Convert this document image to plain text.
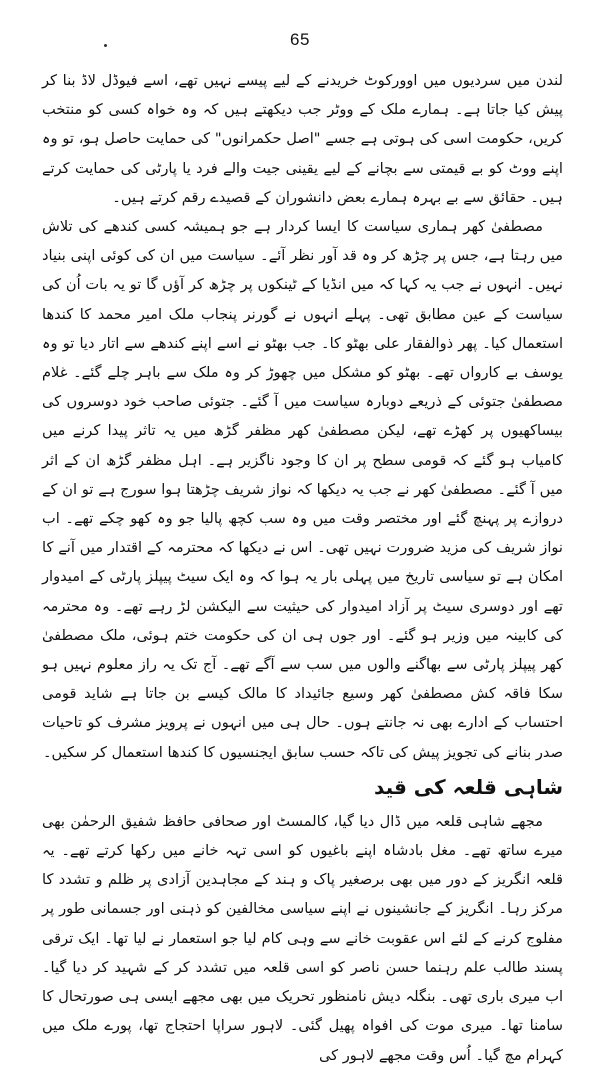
65

لندن میں سردیوں میں اوورکوٹ خریدنے کے لیے پیسے نہیں تھے، اسے فیوڈل لاڈ بنا کر پیش کیا جاتا ہے۔ ہمارے ملک کے ووٹر جب دیکھتے ہیں کہ وہ خواہ کسی کو منتخب کریں، حکومت اسی کی ہوتی ہے جسے "اصل حکمرانوں" کی حمایت حاصل ہو، تو وہ اپنے ووٹ کو بے قیمتی سے بچانے کے لیے یقینی جیت والے فرد یا پارٹی کی حمایت کرتے ہیں۔ حقائق سے بے بہرہ ہمارے بعض دانشوران کے قصیدے رقم کرتے ہیں۔

مصطفیٰ کھر ہماری سیاست کا ایسا کردار ہے جو ہمیشہ کسی کندھے کی تلاش میں رہتا ہے، جس پر چڑھ کر وہ قد آور نظر آئے۔ سیاست میں ان کی کوئی اپنی بنیاد نہیں۔ انہوں نے جب یہ کہا کہ میں انڈیا کے ٹینکوں پر چڑھ کر آؤں گا تو یہ بات اُن کی سیاست کے عین مطابق تھی۔ پہلے انہوں نے گورنر پنجاب ملک امیر محمد کا کندھا استعمال کیا۔ پھر ذوالفقار علی بھٹو کا۔ جب بھٹو نے اسے اپنے کندھے سے اتار دیا تو وہ یوسف بے کارواں تھے۔ بھٹو کو مشکل میں چھوڑ کر وہ ملک سے باہر چلے گئے۔ غلام مصطفیٰ جتوئی کے ذریعے دوبارہ سیاست میں آ گئے۔ جتوئی صاحب خود دوسروں کی بیساکھیوں پر کھڑے تھے، لیکن مصطفیٰ کھر مظفر گڑھ میں یہ تاثر پیدا کرنے میں کامیاب ہو گئے کہ قومی سطح پر ان کا وجود ناگزیر ہے۔ اہل مظفر گڑھ ان کے اثر میں آ گئے۔ مصطفیٰ کھر نے جب یہ دیکھا کہ نواز شریف چڑھتا ہوا سورج ہے تو ان کے دروازے پر پہنچ گئے اور مختصر وقت میں وہ سب کچھ پالیا جو وہ کھو چکے تھے۔ اب نواز شریف کی مزید ضرورت نہیں تھی۔ اس نے دیکھا کہ محترمہ کے اقتدار میں آنے کا امکان ہے تو سیاسی تاریخ میں پہلی بار یہ ہوا کہ وہ ایک سیٹ پیپلز پارٹی کے امیدوار تھے اور دوسری سیٹ پر آزاد امیدوار کی حیثیت سے الیکشن لڑ رہے تھے۔ وہ محترمہ کی کابینہ میں وزیر ہو گئے۔ اور جوں ہی ان کی حکومت ختم ہوئی، ملک مصطفیٰ کھر پیپلز پارٹی سے بھاگنے والوں میں سب سے آگے تھے۔ آج تک یہ راز معلوم نہیں ہو سکا فاقہ کش مصطفیٰ کھر وسیع جائیداد کا مالک کیسے بن جاتا ہے شاید قومی احتساب کے ادارے بھی نہ جانتے ہوں۔ حال ہی میں انہوں نے پرویز مشرف کو تاحیات صدر بنانے کی تجویز پیش کی تاکہ حسب سابق ایجنسیوں کا کندھا استعمال کر سکیں۔

شاہی قلعہ کی قید

مجھے شاہی قلعہ میں ڈال دیا گیا، کالمسٹ اور صحافی حافظ شفیق الرحمٰن بھی میرے ساتھ تھے۔ مغل بادشاہ اپنے باغیوں کو اسی تہہ خانے میں رکھا کرتے تھے۔ یہ قلعہ انگریز کے دور میں بھی برصغیر پاک و ہند کے مجاہدین آزادی پر ظلم و تشدد کا مرکز رہا۔ انگریز کے جانشینوں نے اپنے سیاسی مخالفین کو ذہنی اور جسمانی طور پر مفلوج کرنے کے لئے اس عقوبت خانے سے وہی کام لیا جو استعمار نے لیا تھا۔ ایک ترقی پسند طالب علم رہنما حسن ناصر کو اسی قلعہ میں تشدد کر کے شہید کر دیا گیا۔ اب میری باری تھی۔ بنگلہ دیش نامنظور تحریک میں بھی مجھے ایسی ہی صورتحال کا سامنا تھا۔ میری موت کی افواہ پھیل گئی۔ لاہور سراپا احتجاج تھا، پورے ملک میں کہرام مچ گیا۔ اُس وقت مجھے لاہور کی
